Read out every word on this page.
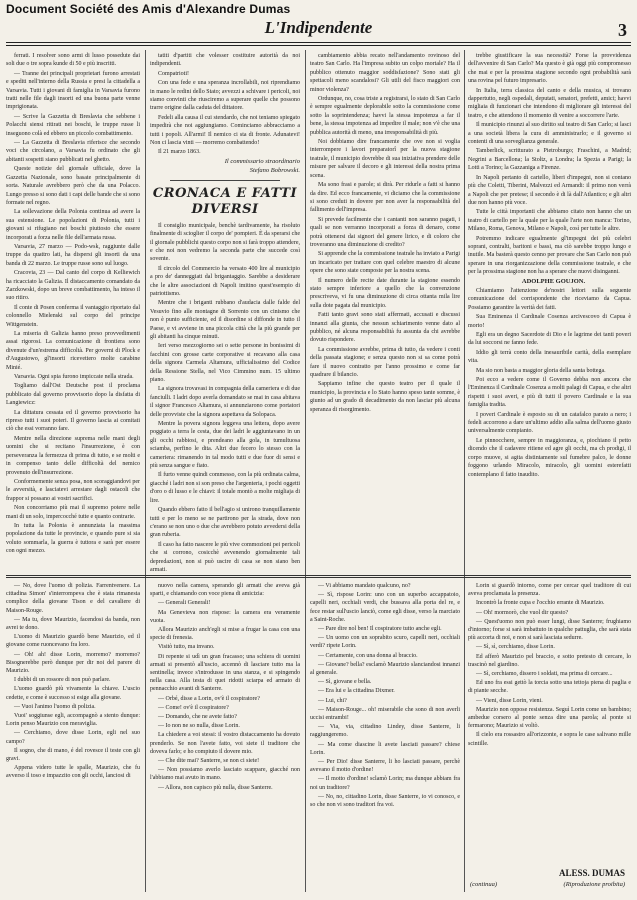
Document Société des Amis d'Alexandre Dumas
L'Indipendente	3

ferrati. I resolver sono armi di lusso possedute dai soli due o tre sopra kunde di 50 e più inscritti.

— Tranne dei principali proprietari furono arrestati e spediti nell'interno della Russia e presi la cittadella a Varsavia. Tutti i giovani di famiglia in Varsavia furono tratti nelle file dagli insorti ed una buona parte venne imprigionata.

— Scrive la Gazzetta di Breslavia che sebbene i Polacchi siensi ritirati nei boschi, le truppe russe li inseguono colà ed ebbero un piccolo combattimento.

— La Gazzetta di Breslavia riferisce che secondo voci che circolano, a Varsavia fu ordinato che gli abitanti sospetti siano pubblicati nel ghetto.

Queste notizie del giornale ufficiale, dove la Gazzetta Nazionale, sono basate principalmente di sorta. Naturale avrebbero però che da una Polacco. Lungo presso si sono dati i capi delle bande che si sono formate nel regno.

La sollevazione della Polonia continua ad avere la sua estensione. Le popolazioni di Polonia, tutti i giovani si rifugiano nei boschi piuttosto che essere incorporati a forza nelle file dell'armata russa.

Varsavia, 27 marzo — Podo-wsk, raggiunte dalle truppe da quattro lati, ha dispersi gli insorti da una banda di 22 marzo. Le truppe russe sono sul luogo.

Cracovia, 23 — Dal canto del corpo di Kelliewich ha ricacciato la Galizia. Il distaccamento comandato da Zarzkowski, dopo un breve combattimento, ha inteso il suo ritiro.

Il conte di Posen conferma il vantaggio riportato dal colonnello Mielenski sul corpo del principe Wittgenstein.

La miseria di Galizia hanno preso provvedimenti assai rigorosi. La comunicazione di frontiera sono divenute d'un'estrema difficoltà. Per governi di Plock e d'Augustowo, gl'insorti ricevettero molte carabine Minié.

Varsavia. Ogni spia furono impiccate nella strada.

Togliamo dall'Ost Deutsche post il proclama pubblicato dal governo provvisorio dopo la disfatta di Langiewicz:

La dittatura cessata ed il governo provvisorio ha ripreso tutti i suoi poteri. Il governo lascia ai comitati ciò che essi vorranno fare.

Mentre nella direzione suprema nelle mani degli uomini che si recitano l'insurrezione, è con perseveranza la fermezza di prima di tutto, e se molti e in compenso tanto delle difficoltà del nemico provenuto dell'insurrezione.

Conformemente senza posa, non scoraggiandovi per le avversità, e lasciatevi arrestare dagli ostacoli che frappor si possano ai vostri sacrifici.

Non concorriamo più mai il supremo potere nelle mani di un solo, impercocché tutte e quanto contrarie.

In tutta la Polonia è annunziata la massima popolazione da tutte le provincie, e quando pure si sia voluto sommarla, la guerra è tuttora e sarà per essere con ogni mezzo.

tatiti d'partiti che volesser costituire autorità da noi indipendenti.

Compatrioti!

Con una fede e una speranza incrollabili, noi riprendiamo in mano le redini dello Stato; avvezzi a schivare i pericoli, noi siamo convinti che riusciremo a superare quelle che possono trarre origine dalla caduta del dittatore.

Fedeli alla causa il cui stendardo, che noi teniamo spiegato impedirà che noi aggiungiamo. Cominciamo abbracciamo a tutti i popoli. All'armi! Il nemico ci sta di fronte. Adunatevi! Non ci lascia vinti — morremo combattendo!

Il 21 marzo 1863.

Il commissario straordinario

Stefano Bobrowski.

CRONACA E FATTI DIVERSI

Il consiglio municipale, benchè tardivamente, ha risoluto finalmente di scioglier il corpo de' pompieri. È da sperarsi che il giornale pubblichi questo corpo non si farà troppo attendere, e che noi non vedremo la seconda parte che succede così sovente.

Il circolo del Commercio ha versato 400 lire al municipio a pro de' danneggiati dal brigantaggio. Sarebbe a desiderare che le altre associazioni di Napoli imitino quest'esempio di patriottismo.

Mentre che i briganti rubbano d'audacia dalle falde del Vesuvio fino alle montagne di Sorrento con un cinismo che non è punto sufficiente, ed il disordine si diffonde in tutto il Paese, e vi avviene in una piccola città che la più grande per gli abitanti ha cinque minuti.

Ieri verso mezzogiorno sei o sette persone in bonissimi di facchini con grosse carte corporative si recavano alla casa della signora Carmela Altamura, ufficialissimo del Codice della Ressione Stella, nel Vico Cimmino num. 15 ultimo piano.

La signora trovavasi in compagnia della cameriera e di due fanciulli. I ladri dopo averla domandato se mai in casa abitava il signor Francesco Altamura, si annunziarono come portatori delle provviste che la signora aspettava da Solopaca.

Mentre la povera signora leggeva una lettera, dopo avere poggiato a terra le cesta, due dei ladri le aggiuntavano in un gli occhi rabbiosi, e prendeano alla gola, in tumultuosa sciamba, perfino le dita. Altri due fecero lo stesso con la cameriera: rimanendo in tal modo tutti e due fuor di sensi e più senza sangue e fiato.

Il furto venne quindi commesso, con la più ordinata calma, giacché i ladri non si son preso che l'argenteria, i pochi oggetti d'oro o di lusso e le chiavi: il totale montò a molte migliaja di lire.

Quando ebbero fatto il bell'agio si unirono tranquillamente tutti e per lo meno se ne partirono per la strada, dove non c'erano se non uno o due che avrebbero potuto avvedersi della gran ruberia.

Il caso ha fatto nascere le più vive commozioni pei pericoli che si corrono, cosicchè avvenendo giornalmente tali depredazioni, non si può uscire di casa se non siano ben armati.

cambiamento abbia recato nell'andamento rovinoso del teatro San Carlo. Ha l'impresa subito un colpo mortale? Ha il pubblico ottenuto maggior soddisfazione? Sono stati gli spettacoli meno scandalosi? Gli utili del fisco maggiori con minor violenza?

Ordunque, no, cosa triste a registrarsi, lo stato di San Carlo è sempre egualmente deplorabile sotto la commissione come sotto la soprintendenza; havvi la stessa impotenza a far il bene, la stessa impotenza ad impedire il male; non v'è che una pubblica autorità di meno, una irresponsabilità di più.

Noi dobbiamo dire francamente che ove non si voglia interrompere i lavori preparatorî per la nuova stagione teatrale, il municipio dovrebbe di sua iniziativa prendere delle misure per salvare il decoro e gli interessi della nostra prima scena.

Ma sono frasi e parole; si dirà. Per ridurle a fatti si hanno da dire. Ed ecco francamente, vi diciamo che la commissione si sono creduti in dovere per non aver la responsabilità del fallimento dell'impresa.

Si prevede facilmente che i cantanti non saranno pagati, i quali se non verranno incorporati a forza di denaro, come potrà ottenersi dai signori del genere lirico, e di coloro che troveranno una diminuzione di credito?

Si apprende che la commissione teatrale ha inviato a Parigi un incaricato per trattare con quel celebre maestro di alcune opere che sono state composte per la nostra scena.

Il numero delle recite date durante la stagione essendo stato sempre inferiore a quello che la convenzione prescriveva, vi fu una diminuzione di circa ottanta mila lire sulla dote pagata dal municipio.

Fatti tanto gravi sono stati affermati, accusati e discussi innanzi alla giunta, che nessun schiarimento venne dato al pubblico, né alcuna responsabilità fu assunta da chi avrebbe dovuto rispondere.

La commissione avrebbe, prima di tutto, da vedere i conti della passata stagione; e senza questo non si sa come potrà fare il nuovo contratto per l'anno prossimo e come far quadrare il bilancio.

Sappiamo infine che questo teatro per il quale il municipio, la provincia e lo Stato hanno speso tante somme, è giunto ad un grado di decadimento da non lasciar più alcuna speranza di risorgimento.

trebbe giustificare la sua necessità? Forse la provvidenza dell'avvenire di San Carlo? Ma questo è già oggi più compromesso che mai e per la prossima stagione secondo ogni probabilità sarà una rovina pel futuro impresario.

In Italia, terra classica del canto e della musica, si trovano dappertutto, negli ospedali, deputati, senatori, prefetti, amici; havvi migliaia di funzionari che intendono di migliorare gli interessi del teatro, e che attendono il momento di venire a soccorrere l'arte.

Il municipio rinunzi al suo diritto sul teatro di San Carlo; si lasci a una società libera la cura di amministrarlo; e il governo si contenti di una sorveglianza generale.

Tamberlick, scritturato a Pietroburgo; Fraschini, a Madrid; Negrini a Barcellona; la Stoltz, a Londra; la Spezia a Parigi; la Lotti a Torino; la Gazzaniga a Firenze.

In Napoli pertanto di cartello, liberi d'impegni, non si contano più che Coletti, Tiberini, Malvezzi ed Armandi: il primo non verrà a Napoli che per pretese; il secondo è di là dall'Atlantico; e gli altri due non hanno più voce.

Tutte le città importanti che abbiamo citato non hanno che un teatro di cartello per la quale per la quale l'arte non manca: Torino, Milano, Roma, Genova, Milano e Napoli, così per tutte le altre.

Potremmo indicare egualmente gl'impegni dei più celebri soprani, contralti, baritoni e bassi, ma ciò sarebbe troppo lungo e inutile. Ma basterà questo cenno per provare che San Carlo non può sperare in una riorganizzazione della commissione teatrale, e che per la prossima stagione non ha a sperare che nuovi disinganni.

ADOLPHE GOUJON.

Chiamiamo l'attenzione de'nostri lettori sulla seguente comunicazione del corrispondente che riceviamo da Capua. Possiamo garantire la verità dei fatti.

Sua Eminenza il Cardinale Cosenza arcivescovo di Capua è morto!

Egli era un degno Sacerdote di Dio e le lagrime dei tanti poveri da lui soccorsi ne fanno fede.

Iddio gli terrà conto della inesauribile carità, della esemplare vita.

Ma sio non basta a maggior gloria della santa bottega.

Poi ecco a vedere come il Governo debba non ancora che l'Eminenza il Cardinale Cosenza a molti palagi di Capua, e che altri rispetti i suoi averi, e più di tutti il povero Cardinale e la sua famiglia tradita.

I poveri Cardinale è esposto su di un catafalco parato a nero; i fedeli accorrono a dare un'ultimo addio alla salma dell'uomo giusto universalmente compianto.

Le pinnocchere, sempre in maggioranza, e, piochiano il petto dicendo che il cadavere ritiene ed agre gli occhi, ma ch prodigi, il corpo muove, si agita distintamente sul fumebre palco, le donne foggono urlando Miracolo, miracolo, gli uomini esterefatti contemplano il fatto inaudito.

— No, dove l'uomo di polizia. Farrentvenere. La cittadina Simon' s'interrompeva che è stata rimanesta complice della giovane Tison e del cavaliere di Maison-Rouge.

— Ma tu, dove Maurizio, facendosi da banda, non avrei te dono.

L'uomo di Maurizio guardò bene Maurizio, ed il giovane come ruoncevano fra loro.

— Oh! ah! disse Lorin, morremo? morremo? Bisognerebbe però dunque per dir noi del parere di Maurizio.

I dubbi di un rossore di non può parlare.

L'uomo guardò più vivamente la chiave. L'uscio cedette, e come è successo si esige alla giovane.

— Vuoi l'animo l'uomo di polizia.

Vuoi' soggiunse egli, accompagnò a stento dunque: Lorin penso Maurizio con meraviglia.

— Cerchiamo, dove disse Lorin, egli nel suo campo?

Il sogno, che di mano, é del rovesce il teste con gli gravi.

Appena videro tutte le spalle, Maurizio, che fu avverso il toso e impazzito con gli occhi, lanciosi di

nuovo nella camera, sperando gli armati che aveva già sparti, e chiamando con voce piena di amicizia:

— Generali Generali!

Ma Genevieva non rispose: la camera era veramente vuota.

Allora Maurizio anch'egli si mise a frugar la casa con una specie di frenesia.

Visitò tutto, ma invano.

Di repente si udì un gran fracasso; una schiera di uomini armati si presentò all'uscio, accennò di lasciare tutto ma la sentinella; invece s'introdusse in una stanza, e si spingendo nella casa. Alla testa di quei ridotti sciarpa ed armato di pennacchio avanti di Santerre.

— Orbé, disse a Lorin, ov'è il cospiratore?

— Come! ov'è il cospiratore?

— Domando, che ne avete fatto?

— Io non ne so nulla, disse Lorin.

La chiedere a voi stessi: il vostro distaccamento ha dovuto prenderlo. Se non l'avete fatto, voi siete il traditore che doveva farlo; e ho compiuto il dovere mio.

— Che dite mai? Santerre, se non ci siete!

— Non possiamo averlo lasciato scappare, giacché non l'abbiamo mai avuto in mano.

— Allora, non capisco più nulla, disse Santerre.

— Vi abbiamo mandato qualcuno, no?

— Sì, rispose Lorin: uno con un superbo accappatoio, capelli neri, occhiali verdi, che bussava alla porta del re, e fece restar sull'uscio lanciò, come egli disse, verso la marciato a Saint-Roche.

— Pare dire nol ben! Il cospiratore tutto anche egli.

— Un uomo con un soprabito scuro, capelli neri, occhiali verdi? ripete Lorin.

— Certamente, con una donna al braccio.

— Giovane? bella? esclamò Maurizio slanciandosi innanzi al generale.

— Sì, giovane e bella.

— Era lui e la cittadina Dixmer.

— Lui, chi?

— Maison-Rouge... oh! miserabile che sono di non averli uccisi entrambi!

— Via, via, cittadino Lindey, disse Santerre, li raggiungeremo.

— Ma come diascine li avete lasciati passare? chiese Lorin.

— Per Dio! disse Santerre, li ho lasciati passare, perchè avevano il motto d'ordine!

— Il motto d'ordine! sclamò Lorin; ma dunque abbiam fra noi un traditore?

— No, no, cittadino Lorin, disse Santerre, io vi conosco, e so che non vi sono traditori fra voi.

Lorin si guardò intorno, come per cercar quel traditore di cui aveva proclamata la presenza.

Incontrò la fronte cupa e l'occhio errante di Maurizio.

— Oh! mormorò, che vuol dir questo?

— Quest'uomo non può esser lungi, disse Santerre; frughiamo d'intorno; forse si sarà imbattuto in qualche pattuglia, che sarà stata più accorta di noi, e non si sarà lasciata sedurre.

— Sì, sì, cerchiamo, disse Lorin.

Ed afferò Maurizio pel braccio, e sotto pretesto di cercare, lo trascinò nel giardino.

— Sì, cerchiamo, dissero i soldati, ma prima di cercare...

Ed uno fra essi gettò la torcia sotto una tettoja piena di paglia e di piante secche.

— Vieni, disse Lorin, vieni.

Maurizio non oppose resistenza. Seguì Lorin come un bambino; ambedue corsero al ponte senza dire una parola; al ponte si fermarono; Maurizio si voltò.

Il cielo era rossastro all'orizzonte, e sopra le case salivano mille scintille.

(continua)
ALESS. DUMAS
(Riproduzione proibita)
